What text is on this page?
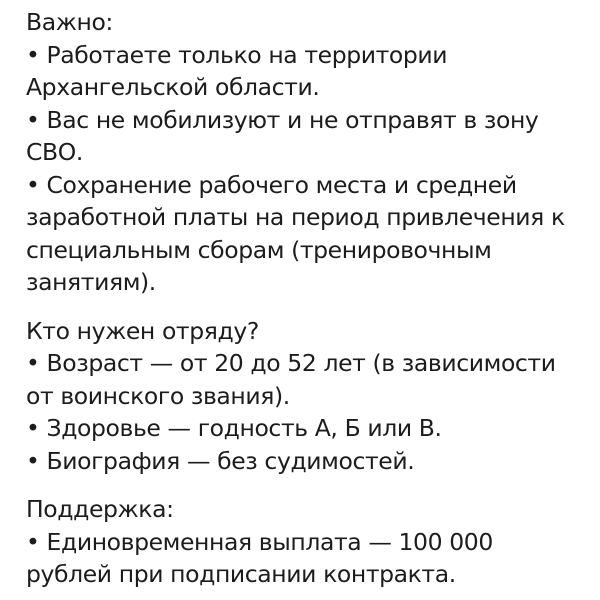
Важно:

• Работаете только на территории Архангельской области.

• Вас не мобилизуют и не отправят в зону СВО.

• Сохранение рабочего места и средней заработной платы на период привлечения к специальным сборам (тренировочным занятиям).

Кто нужен отряду?

• Возраст — от 20 до 52 лет (в зависимости от воинского звания).

• Здоровье — годность А, Б или В.

• Биография — без судимостей.

Поддержка:

• Единовременная выплата — 100 000 рублей при подписании контракта.
